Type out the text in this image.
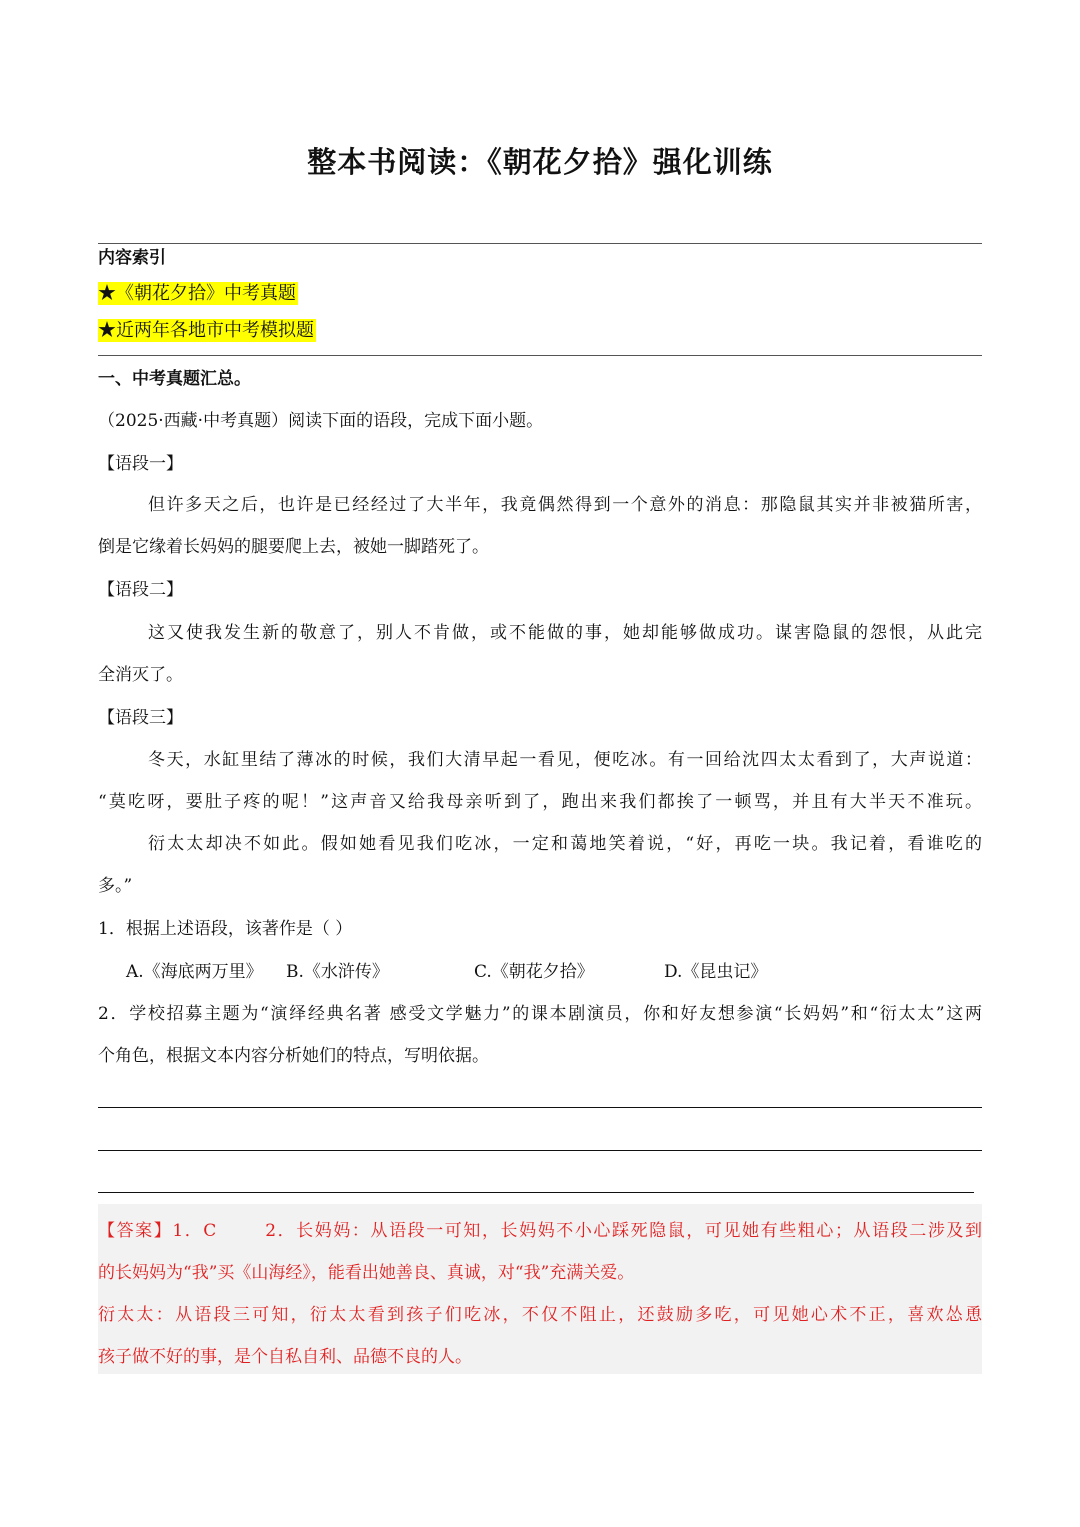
整本书阅读：《朝花夕拾》强化训练
内容索引
★《朝花夕拾》中考真题
★近两年各地市中考模拟题
一、中考真题汇总。
（2025·西藏·中考真题）阅读下面的语段，完成下面小题。
【语段一】

但许多天之后，也许是已经经过了大半年，我竟偶然得到一个意外的消息：那隐鼠其实并非被猫所害，

倒是它缘着长妈妈的腿要爬上去，被她一脚踏死了。

【语段二】

这又使我发生新的敬意了，别人不肯做，或不能做的事，她却能够做成功。谋害隐鼠的怨恨，从此完

全消灭了。

【语段三】

冬天，水缸里结了薄冰的时候，我们大清早起一看见，便吃冰。有一回给沈四太太看到了，大声说道：

“莫吃呀，要肚子疼的呢！”这声音又给我母亲听到了，跑出来我们都挨了一顿骂，并且有大半天不准玩。

衍太太却决不如此。假如她看见我们吃冰，一定和蔼地笑着说，“好，再吃一块。我记着，看谁吃的

多。”

1．根据上述语段，该著作是（ ）
A.《海底两万里》 B.《水浒传》	C.《朝花夕拾》	D.《昆虫记》

2．学校招募主题为“演绎经典名著 感受文学魅力”的课本剧演员，你和好友想参演“长妈妈”和“衍太太”这两

个角色，根据文本内容分析她们的特点，写明依据。

【答案】1．C	2．长妈妈：从语段一可知，长妈妈不小心踩死隐鼠，可见她有些粗心；从语段二涉及到

的长妈妈为“我”买《山海经》，能看出她善良、真诚，对“我”充满关爱。

衍太太：从语段三可知，衍太太看到孩子们吃冰，不仅不阻止，还鼓励多吃，可见她心术不正，喜欢怂恿

孩子做不好的事，是个自私自利、品德不良的人。
